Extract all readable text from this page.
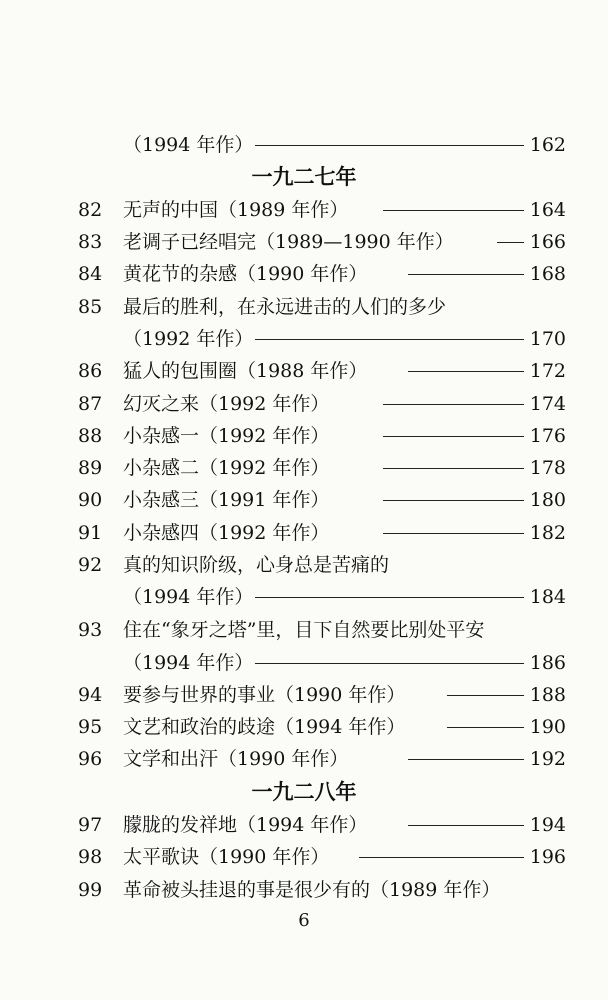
（1994 年作）	162
一九二七年
82 无声的中国（1989 年作）	164
83 老调子已经唱完（1989—1990 年作）	166
84 黄花节的杂感（1990 年作）	168
85 最后的胜利，在永远进击的人们的多少
（1992 年作）	170
86 猛人的包围圈（1988 年作）	172
87 幻灭之来（1992 年作）	174
88 小杂感一（1992 年作）	176
89 小杂感二（1992 年作）	178
90 小杂感三（1991 年作）	180
91 小杂感四（1992 年作）	182
92 真的知识阶级，心身总是苦痛的
（1994 年作）	184
93 住在“象牙之塔”里，目下自然要比别处平安
（1994 年作）	186
94 要参与世界的事业（1990 年作）	188
95 文艺和政治的歧途（1994 年作）	190
96 文学和出汗（1990 年作）	192
一九二八年
97 朦胧的发祥地（1994 年作）	194
98 太平歌诀（1990 年作）	196
99 革命被头挂退的事是很少有的（1989 年作）
6
